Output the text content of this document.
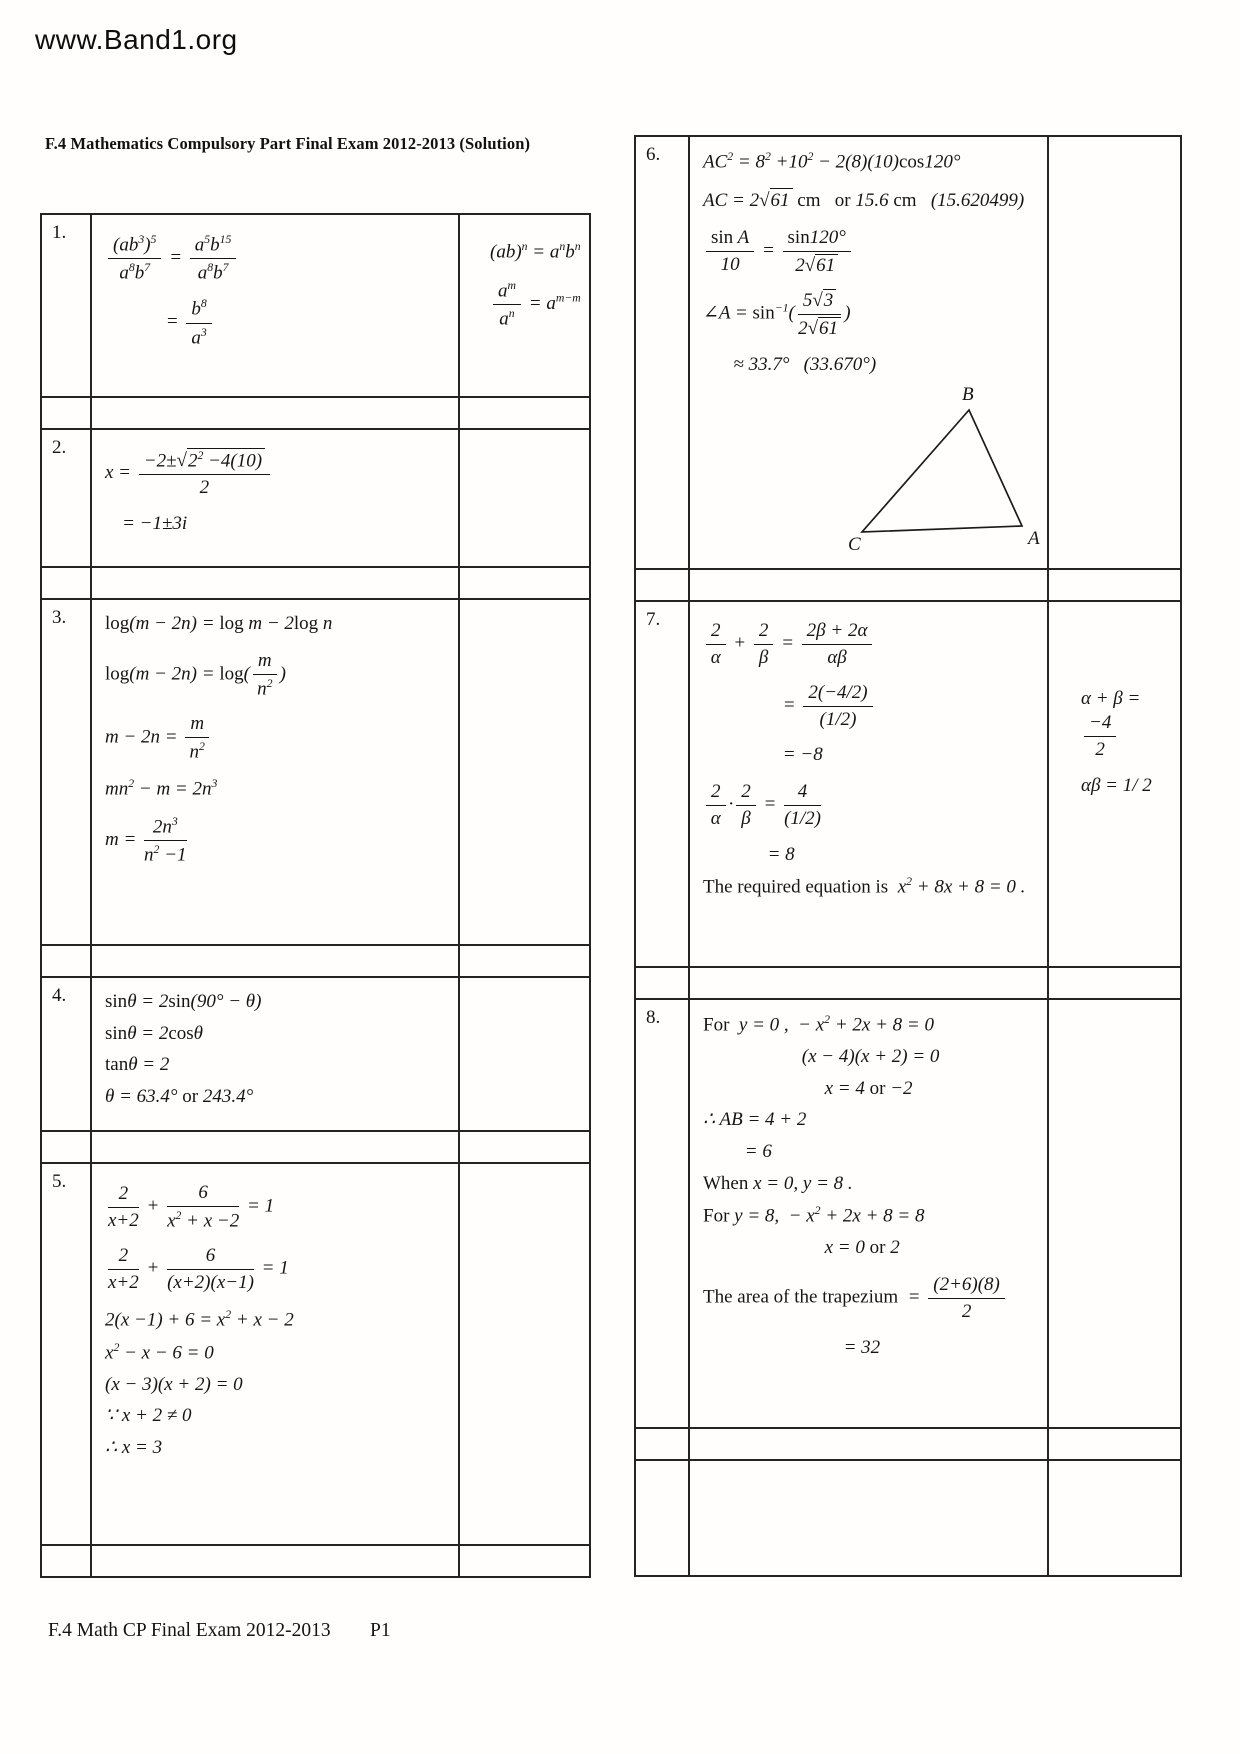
www.Band1.org
F.4 Mathematics Compulsory Part Final Exam 2012-2013 (Solution)
1.	
$\frac{(ab^3)^5}{a^8b^7} = \frac{a^5b^{15}}{a^8b^7}$
= $\frac{b^8}{a^3}$

$(ab)^n = a^nb^n$
$\frac{a^m}{a^n} = a^{m-m}$

2.	$x = \frac{-2\pm√2^2 -4(10)}{2}$
= −1±3i	

3.	log(m − 2n) = log m − 2log n
$\log(m - 2n) = \log( \frac{m}{n^2}$ )
$m - 2n = \frac{m}{n^2}$
$mn^2 - m = 2n^3$
$m = \frac{2n^3}{n^2 -1}$

4.	sinθ = 2sin(90° − θ)
sinθ = 2cosθ
tanθ = 2
θ = 63.4° or 243.4°	

5.	
$\frac{2}{x+2} + \frac{6}{x^2 + x -2} = 1$
$\frac{2}{x+2} + \frac{6}{(x+2)(x-1)} = 1$
$2(x -1) + 6 = x^2 + x - 2$
$x^2 - x - 6 = 0$
(x − 3)(x + 2) = 0
∵ x + 2 ≠ 0
∴ x = 3

6.	$AC^2 = 8^2 +10^2 - 2(8)(10)\cos 120^\circ$
AC = 2√61 cm or 15.6 cm   (15.620499)
$\frac{\text{sin A}}{10} = \frac{\sin 120^\circ}{2√61}$
∠A = $\sin^{-1}( \frac{5√3}{2√61}$ )
≈ 33.7°   (33.670°)
B
C	A

7.	
$\frac{2}{\alpha} + \frac{2}{\beta} = \frac{2\beta + 2\alpha}{\alpha\beta}$
= $\frac{2(-4/2)}{(1/2)}$
= −8
$\frac{2}{\alpha} \cdot \frac{2}{\beta} = \frac{4}{(1/2)}$
= 8
The required equation is  $x^2 + 8x + 8 = 0$ .

α + β =
$\frac{-4}{2}$
αβ = 1/ 2

8.	For  y = 0 ,  − $x^2 + 2x + 8 = 0$
(x − 4)(x + 2) = 0
x = 4 or −2
∴ AB = 4 + 2
= 6
When x = 0, y = 8 .
For y = 8,  − $x^2 + 2x + 8 = 8$
x = 0 or 2
The area of the trapezium  = $\frac{(2+6)(8)}{2}$
= 32

F.4 Math CP Final Exam 2012-2013 P1
